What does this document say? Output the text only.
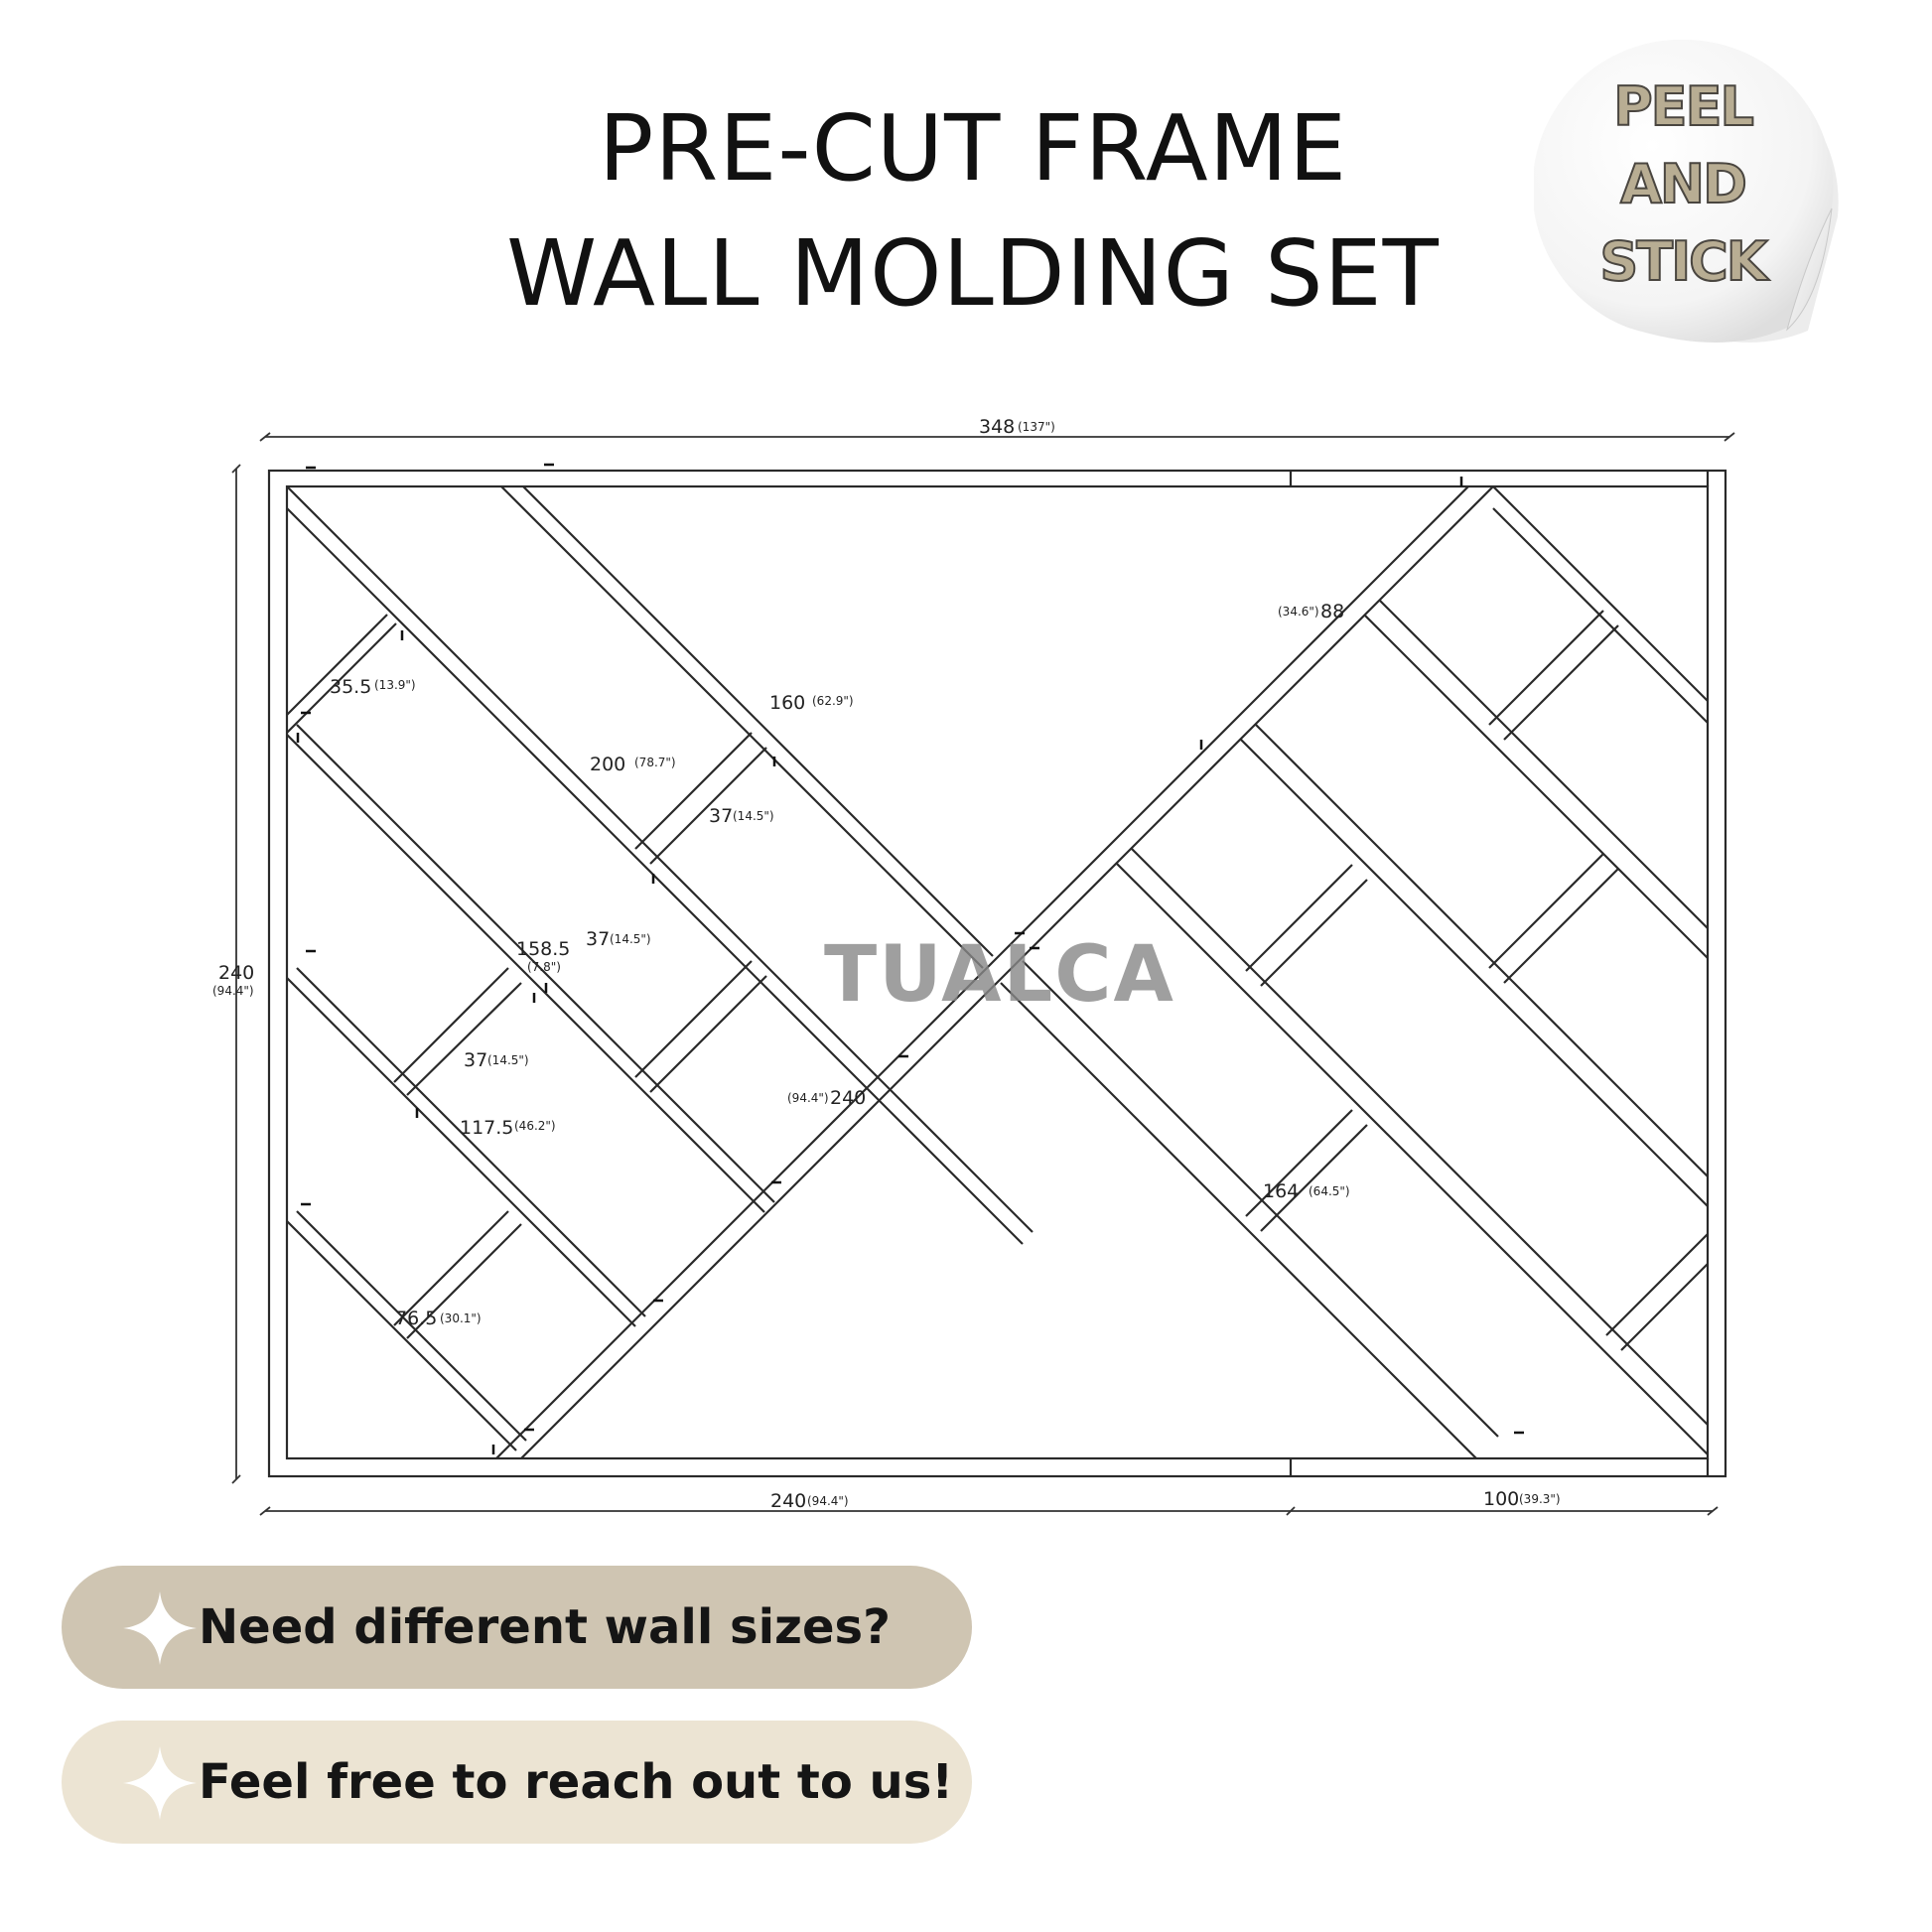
PRE-CUT FRAME
WALL MOLDING SET
PEEL
AND
STICK
348 (137")
240
(94.4")
240 (94.4")	100 (39.3")
35.5 (13.9")
200 (78.7")
160 (62.9")
37 (14.5")
158.5
(7.8")
37 (14.5")
37 (14.5")
117.5 (46.2")
76.5 (30.1")
(94.4") 240
(34.6") 88
164 (64.5")
TUALCA
Need different wall sizes?
Feel free to reach out to us!
